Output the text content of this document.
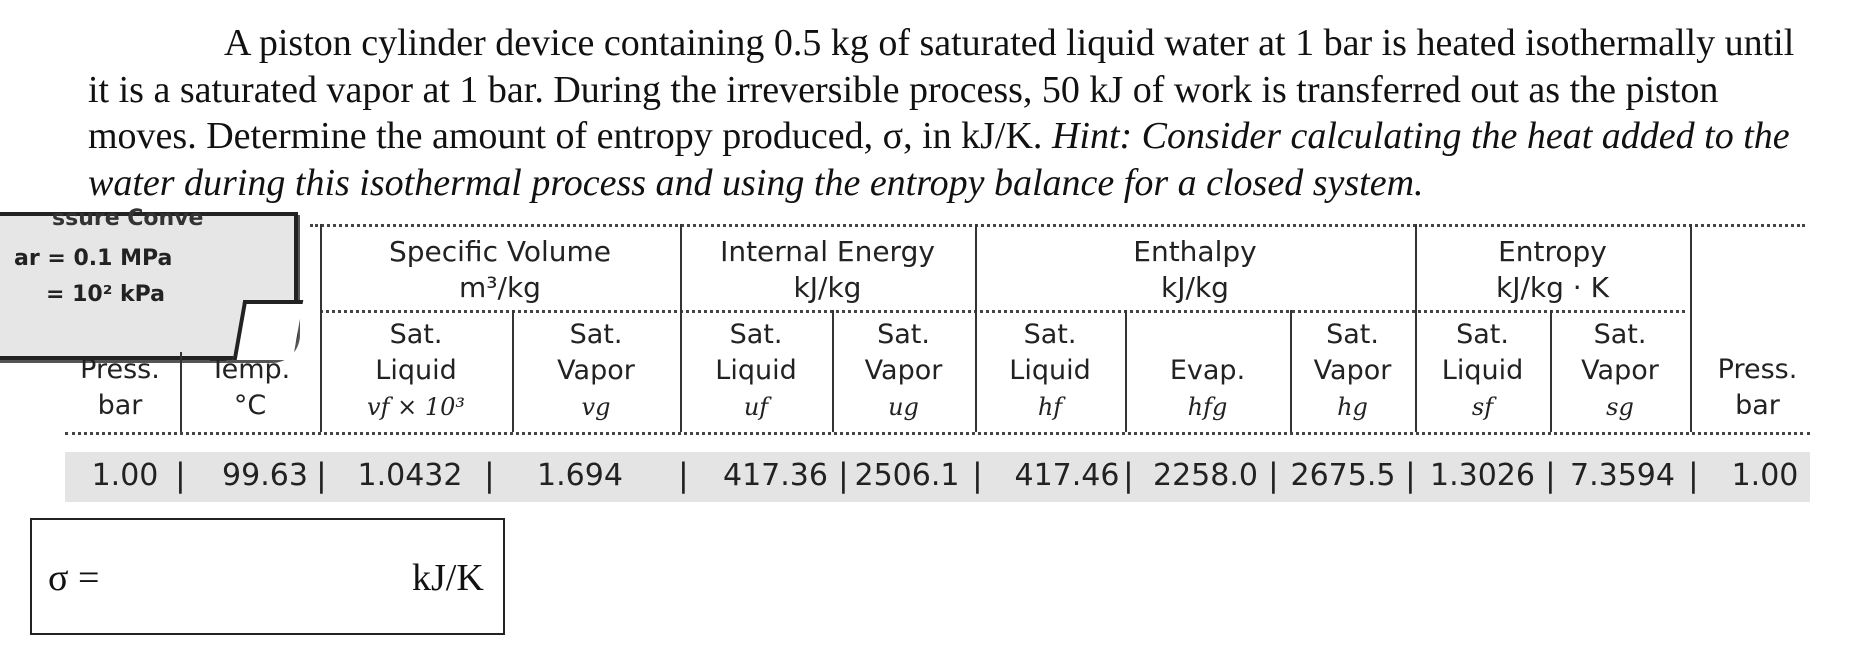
A piston cylinder device containing 0.5 kg of saturated liquid water at 1 bar is heated isothermally until it is a saturated vapor at 1 bar. During the irreversible process, 50 kJ of work is transferred out as the piston moves. Determine the amount of entropy produced, σ, in kJ/K. Hint: Consider calculating the heat added to the water during this isothermal process and using the entropy balance for a closed system.

ssure Conve
ar = 0.1 MPa
= 10² kPa
Specific Volume
m³/kg
Internal Energy
kJ/kg
Enthalpy
kJ/kg
Entropy
kJ/kg · K
Press.
bar
Temp.
°C
Sat.
Liquid
vf × 10³
Sat.
Vapor
vg
Sat.
Liquid
uf
Sat.
Vapor
ug
Sat.
Liquid
hf
Evap.
hfg
Sat.
Vapor
hg
Sat.
Liquid
sf
Sat.
Vapor
sg
Press.
bar
1.00 | 99.63 | 1.0432 | 1.694 | 417.36 | 2506.1 | 417.46 | 2258.0 | 2675.5 | 1.3026 | 7.3594 | 1.00
σ =	kJ/K
